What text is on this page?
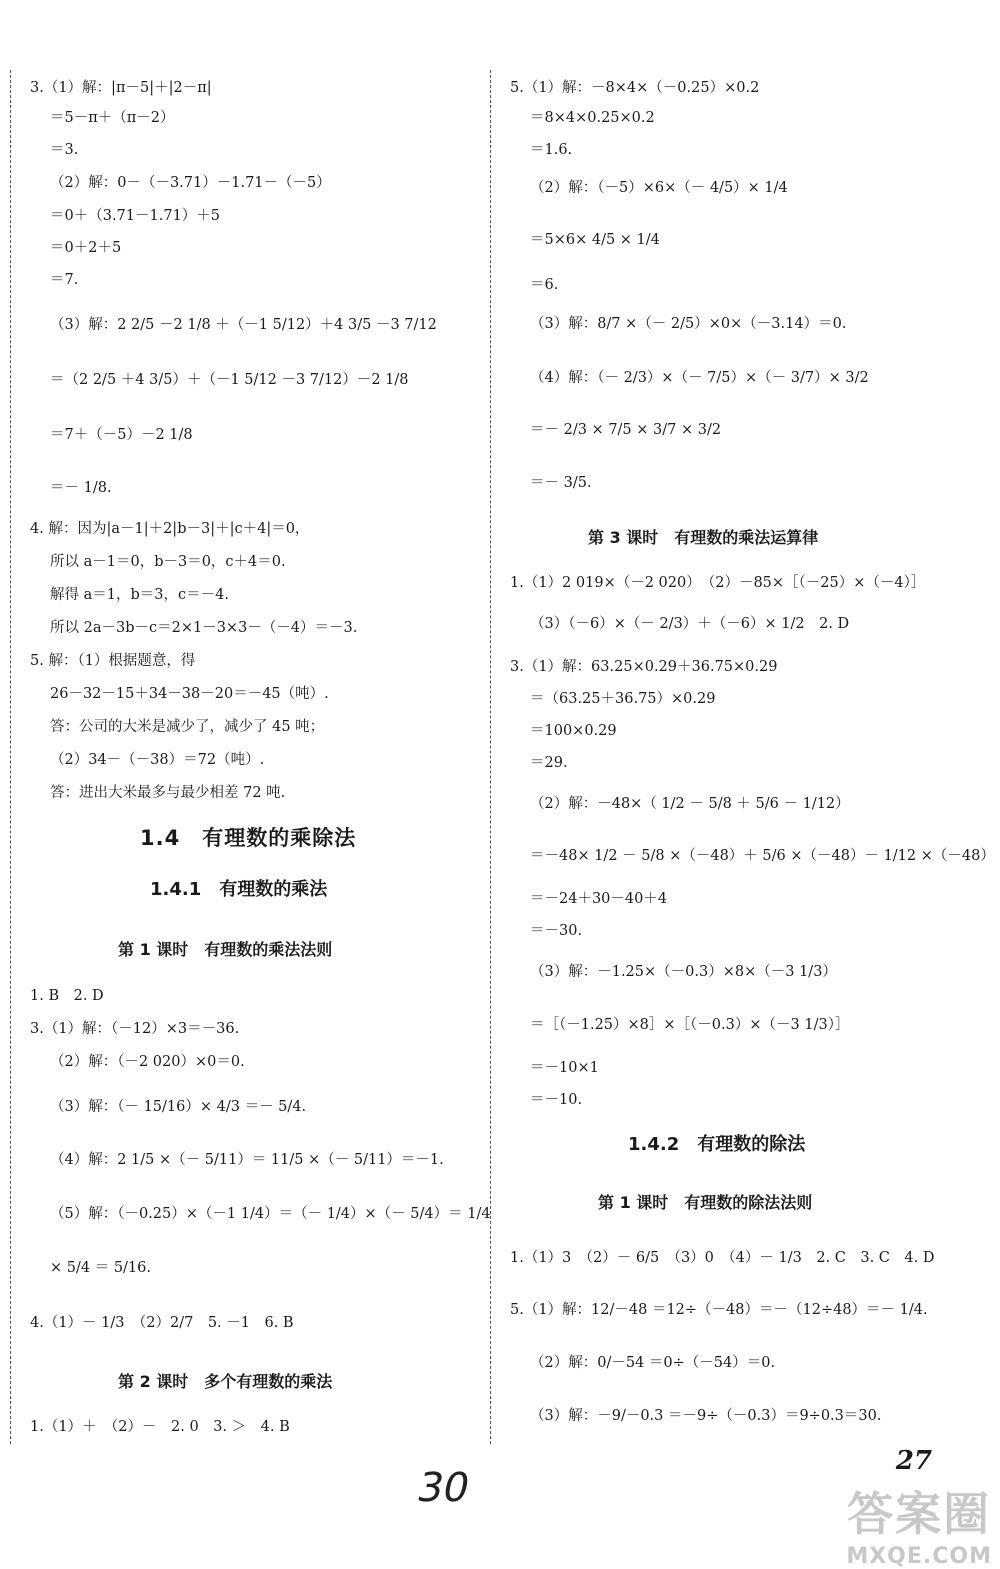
27
30	答案圈
MXQE.COM
3.（1）解：|π－5|＋|2－π|
＝5－π＋（π－2）
＝3.
（2）解：0－（－3.71）－1.71－（－5）
＝0＋（3.71－1.71）＋5
＝0＋2＋5
＝7.
（3）解：2 2/5 －2 1/8 ＋（－1 5/12）＋4 3/5 －3 7/12
＝（2 2/5 ＋4 3/5）＋（－1 5/12 －3 7/12）－2 1/8
＝7＋（－5）－2 1/8
＝－ 1/8.
4. 解：因为|a－1|＋2|b－3|＋|c＋4|＝0，
所以 a－1＝0，b－3＝0，c＋4＝0.
解得 a＝1，b＝3，c＝－4.
所以 2a－3b－c＝2×1－3×3－（－4）＝－3.
5. 解：（1）根据题意，得
26－32－15＋34－38－20＝－45（吨）.
答：公司的大米是减少了，减少了 45 吨；
（2）34－（－38）＝72（吨）.
答：进出大米最多与最少相差 72 吨.
1.4　有理数的乘除法
1.4.1　有理数的乘法
第 1 课时　有理数的乘法法则
1. B　2. D
3.（1）解：（－12）×3＝－36.
（2）解：（－2 020）×0＝0.
（3）解：（－ 15/16）× 4/3 ＝－ 5/4.
（4）解：2 1/5 ×（－ 5/11）＝ 11/5 ×（－ 5/11）＝－1.
（5）解：（－0.25）×（－1 1/4）＝（－ 1/4）×（－ 5/4）＝ 1/4
× 5/4 ＝ 5/16.
4.（1）－ 1/3　（2）2/7　5. －1　6. B
第 2 课时　多个有理数的乘法
1.（1）＋　（2）－　2. 0　3. ＞　4. B
5.（1）解：－8×4×（－0.25）×0.2
＝8×4×0.25×0.2
＝1.6.
（2）解：（－5）×6×（－ 4/5）× 1/4
＝5×6× 4/5 × 1/4
＝6.
（3）解：8/7 ×（－ 2/5）×0×（－3.14）＝0.
（4）解：（－ 2/3）×（－ 7/5）×（－ 3/7）× 3/2
＝－ 2/3 × 7/5 × 3/7 × 3/2
＝－ 3/5.
第 3 课时　有理数的乘法运算律
1.（1）2 019×（－2 020）　（2）－85×［（－25）×（－4）］
（3）（－6）×（－ 2/3）＋（－6）× 1/2　2. D
3.（1）解：63.25×0.29＋36.75×0.29
＝（63.25＋36.75）×0.29
＝100×0.29
＝29.
（2）解：－48×（ 1/2 － 5/8 ＋ 5/6 － 1/12）
＝－48× 1/2 － 5/8 ×（－48）＋ 5/6 ×（－48）－ 1/12 ×（－48）
＝－24＋30－40＋4
＝－30.
（3）解：－1.25×（－0.3）×8×（－3 1/3）
＝［（－1.25）×8］×［（－0.3）×（－3 1/3）］
＝－10×1
＝－10.
1.4.2　有理数的除法
第 1 课时　有理数的除法法则
1.（1）3　（2）－ 6/5　（3）0　（4）－ 1/3　2. C　3. C　4. D
5.（1）解：12/－48 ＝12÷（－48）＝－（12÷48）＝－ 1/4.
（2）解：0/－54 ＝0÷（－54）＝0.
（3）解：－9/－0.3 ＝－9÷（－0.3）＝9÷0.3＝30.
